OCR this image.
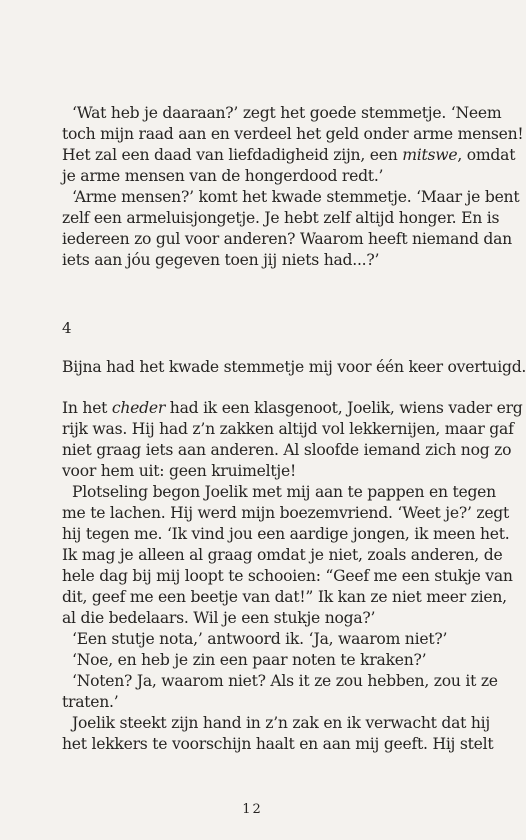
‘Wat heb je daaraan?’ zegt het goede stemmetje. ‘Neem
toch mijn raad aan en verdeel het geld onder arme mensen!
Het zal een daad van liefdadigheid zijn, een mitswe, omdat
je arme mensen van de hongerdood redt.’
‘Arme mensen?’ komt het kwade stemmetje. ‘Maar je bent
zelf een armeluisjongetje. Je hebt zelf altijd honger. En is
iedereen zo gul voor anderen? Waarom heeft niemand dan
iets aan jóu gegeven toen jij niets had...?’
4
Bijna had het kwade stemmetje mij voor één keer overtuigd.
In het cheder had ik een klasgenoot, Joelik, wiens vader erg
rijk was. Hij had z’n zakken altijd vol lekkernijen, maar gaf
niet graag iets aan anderen. Al sloofde iemand zich nog zo
voor hem uit: geen kruimeltje!
Plotseling begon Joelik met mij aan te pappen en tegen
me te lachen. Hij werd mijn boezemvriend. ‘Weet je?’ zegt
hij tegen me. ‘Ik vind jou een aardige jongen, ik meen het.
Ik mag je alleen al graag omdat je niet, zoals anderen, de
hele dag bij mij loopt te schooien: “Geef me een stukje van
dit, geef me een beetje van dat!” Ik kan ze niet meer zien,
al die bedelaars. Wil je een stukje noga?’
‘Een stutje nota,’ antwoord ik. ‘Ja, waarom niet?’
‘Noe, en heb je zin een paar noten te kraken?’
‘Noten? Ja, waarom niet? Als it ze zou hebben, zou it ze
traten.’
Joelik steekt zijn hand in z’n zak en ik verwacht dat hij
het lekkers te voorschijn haalt en aan mij geeft. Hij stelt
12
